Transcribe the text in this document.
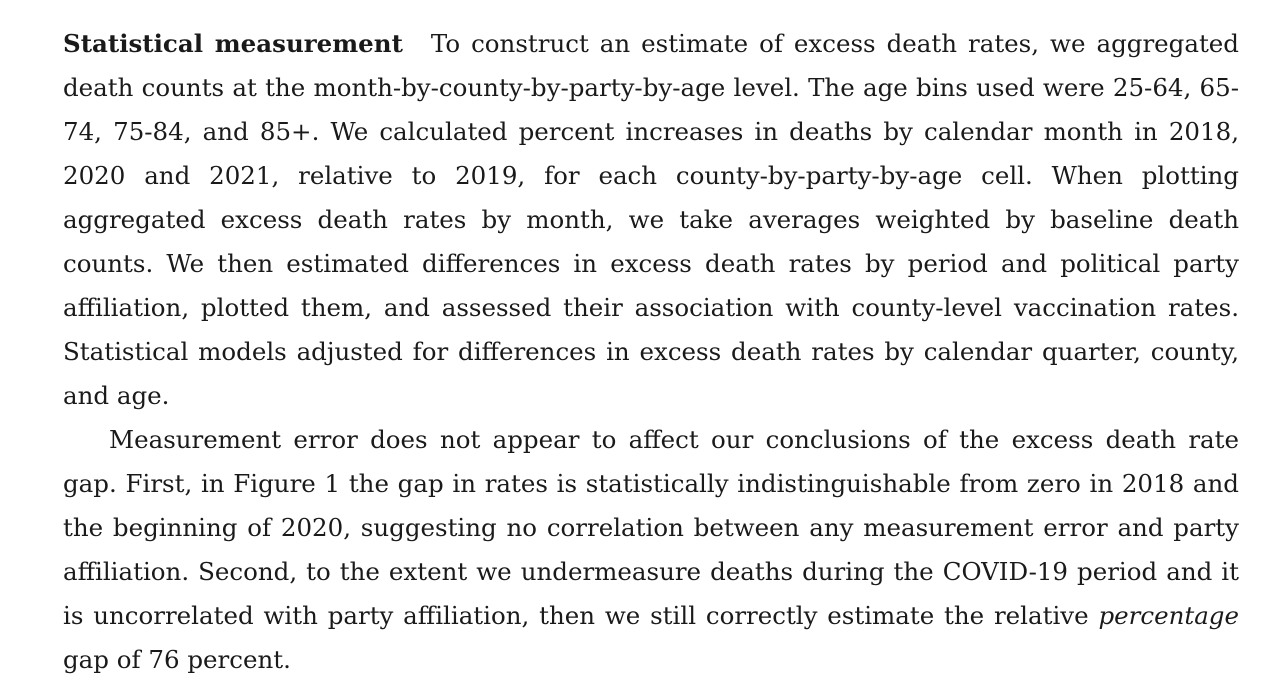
Statistical measurement To construct an estimate of excess death rates, we aggregated death counts at the month-by-county-by-party-by-age level. The age bins used were 25-64, 65-74, 75-84, and 85+. We calculated percent increases in deaths by calendar month in 2018, 2020 and 2021, relative to 2019, for each county-by-party-by-age cell. When plotting aggregated excess death rates by month, we take averages weighted by baseline death counts. We then estimated differences in excess death rates by period and political party affiliation, plotted them, and assessed their association with county-level vaccination rates. Statistical models adjusted for differences in excess death rates by calendar quarter, county, and age.

Measurement error does not appear to affect our conclusions of the excess death rate gap. First, in Figure 1 the gap in rates is statistically indistinguishable from zero in 2018 and the beginning of 2020, suggesting no correlation between any measurement error and party affiliation. Second, to the extent we undermeasure deaths during the COVID-19 period and it is uncorrelated with party affiliation, then we still correctly estimate the relative percentage gap of 76 percent.
